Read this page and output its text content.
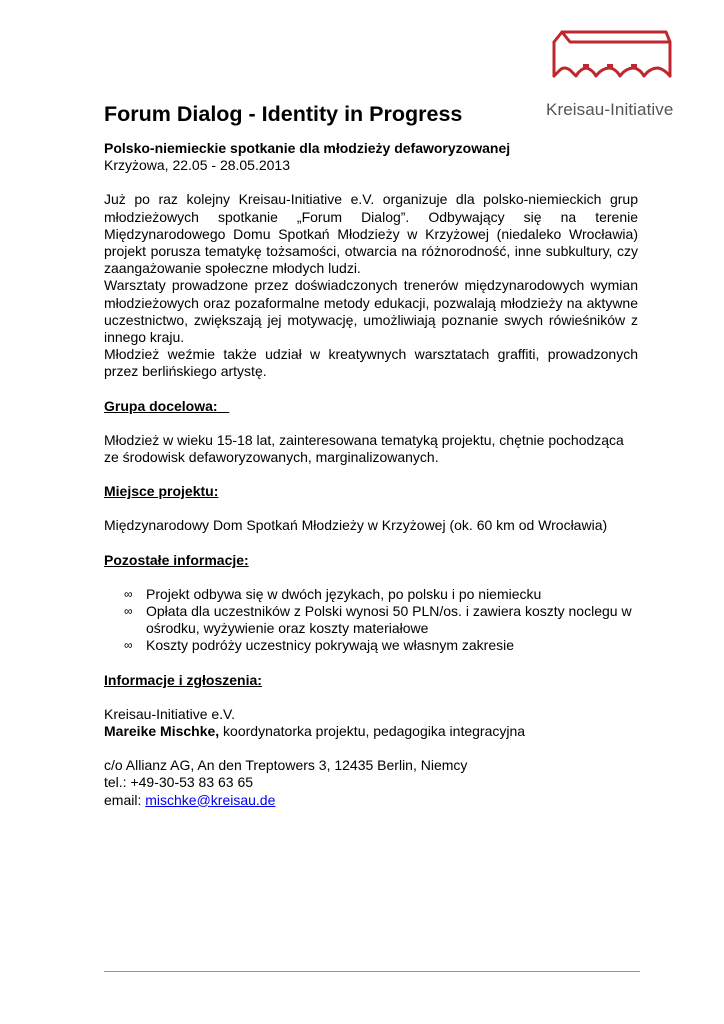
Kreisau-Initiative
Forum Dialog - Identity in Progress

Polsko-niemieckie spotkanie dla młodzieży defaworyzowanej

Krzyżowa, 22.05 - 28.05.2013

Już po raz kolejny Kreisau-Initiative e.V. organizuje dla polsko-niemieckich grup młodzieżowych spotkanie „Forum Dialog”. Odbywający się na terenie Międzynarodowego Domu Spotkań Młodzieży w Krzyżowej (niedaleko Wrocławia) projekt porusza tematykę tożsamości, otwarcia na różnorodność, inne subkultury, czy zaangażowanie społeczne młodych ludzi.

Warsztaty prowadzone przez doświadczonych trenerów międzynarodowych wymian młodzieżowych oraz pozaformalne metody edukacji, pozwalają młodzieży na aktywne uczestnictwo, zwiększają jej motywację, umożliwiają poznanie swych rówieśników z innego kraju.

Młodzież weźmie także udział w kreatywnych warsztatach graffiti, prowadzonych przez berlińskiego artystę.

Grupa docelowa:

Młodzież w wieku 15-18 lat, zainteresowana tematyką projektu, chętnie pochodząca ze środowisk defaworyzowanych, marginalizowanych.

Miejsce projektu:

Międzynarodowy Dom Spotkań Młodzieży w Krzyżowej (ok. 60 km od Wrocławia)

Pozostałe informacje:

∞ Projekt odbywa się w dwóch językach, po polsku i po niemiecku
∞ Opłata dla uczestników z Polski wynosi 50 PLN/os. i zawiera koszty noclegu w ośrodku, wyżywienie oraz koszty materiałowe
∞ Koszty podróży uczestnicy pokrywają we własnym zakresie

Informacje i zgłoszenia:

Kreisau-Initiative e.V.

Mareike Mischke, koordynatorka projektu, pedagogika integracyjna

c/o Allianz AG, An den Treptowers 3, 12435 Berlin, Niemcy

tel.: +49-30-53 83 63 65

email: mischke@kreisau.de
